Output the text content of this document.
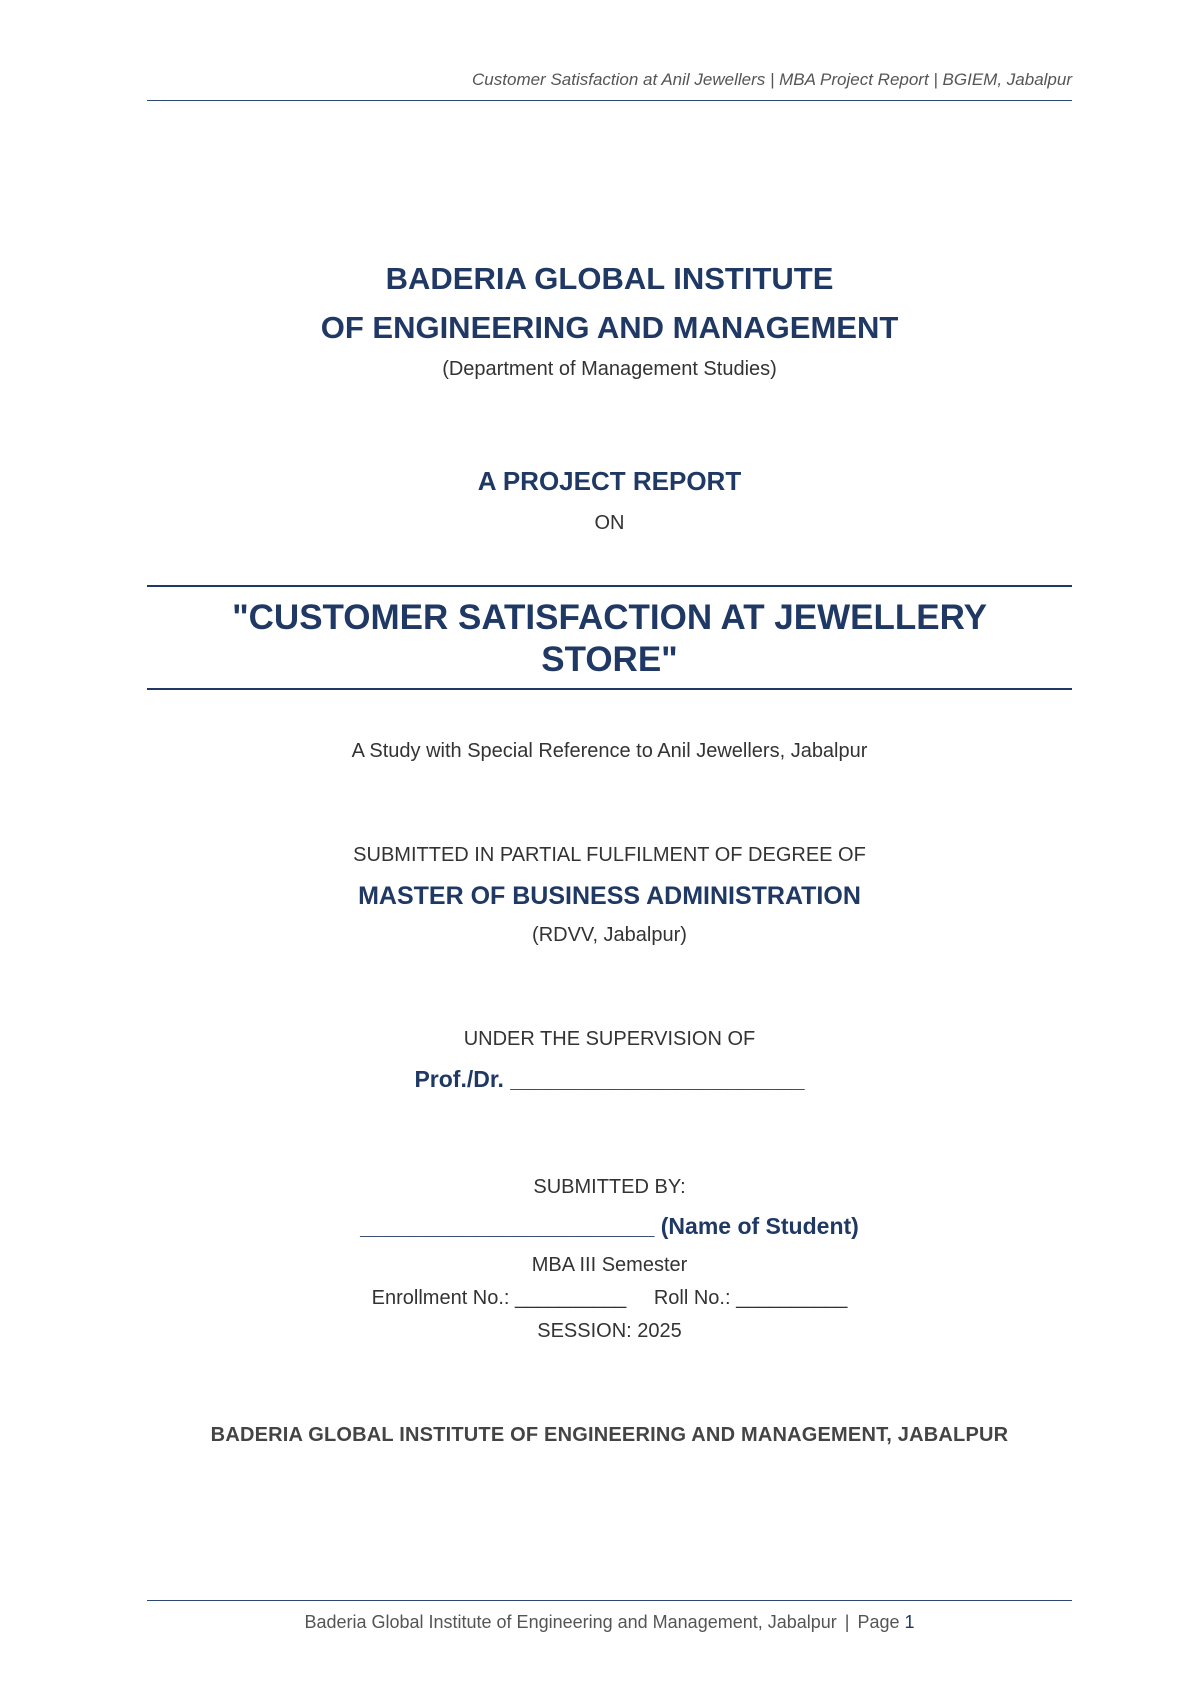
Customer Satisfaction at Anil Jewellers | MBA Project Report | BGIEM, Jabalpur
BADERIA GLOBAL INSTITUTE
OF ENGINEERING AND MANAGEMENT
(Department of Management Studies)
A PROJECT REPORT
ON
"CUSTOMER SATISFACTION AT JEWELLERY
STORE"
A Study with Special Reference to Anil Jewellers, Jabalpur
SUBMITTED IN PARTIAL FULFILMENT OF DEGREE OF
MASTER OF BUSINESS ADMINISTRATION
(RDVV, Jabalpur)
UNDER THE SUPERVISION OF
Prof./Dr. _______________________
SUBMITTED BY:
_______________________ (Name of Student)
MBA III Semester
Enrollment No.: __________ Roll No.: __________
SESSION: 2025
BADERIA GLOBAL INSTITUTE OF ENGINEERING AND MANAGEMENT, JABALPUR
Baderia Global Institute of Engineering and Management, Jabalpur | Page 1
